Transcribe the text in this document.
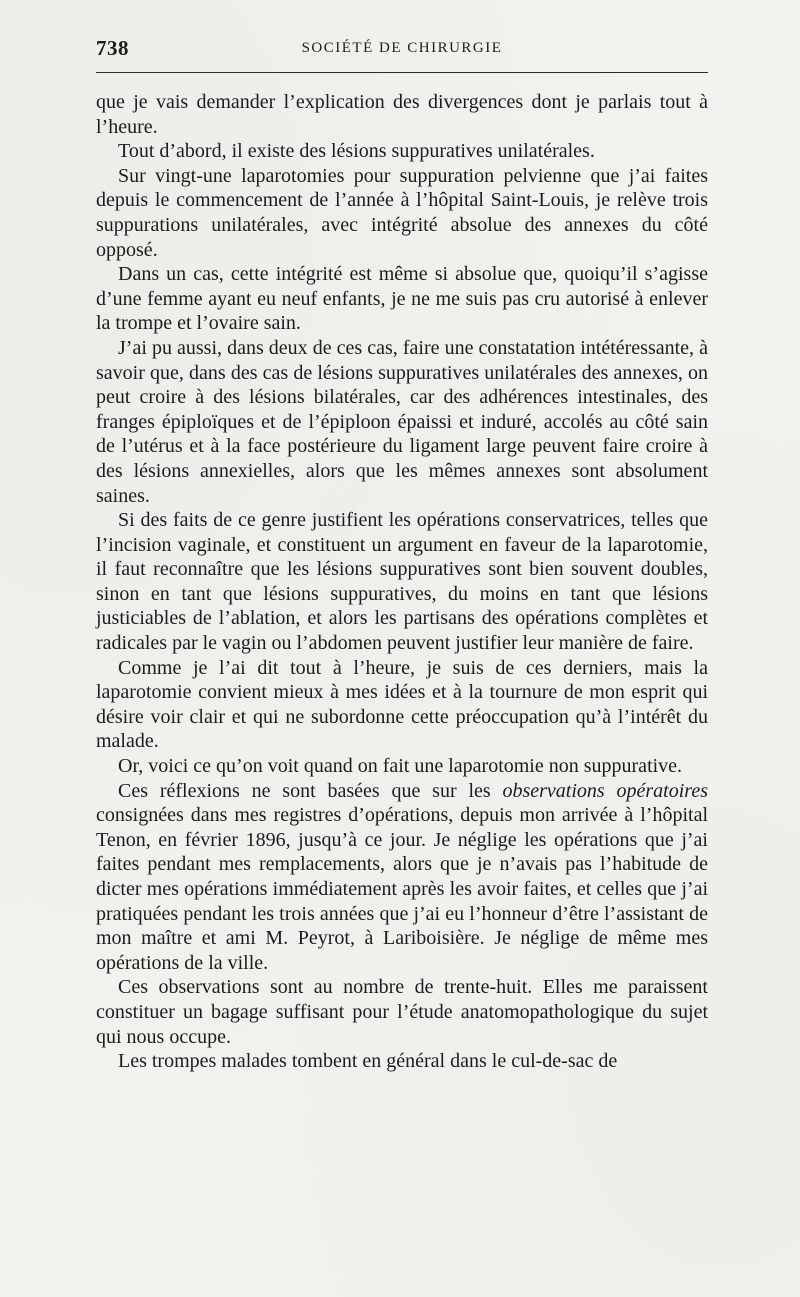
738	SOCIÉTÉ DE CHIRURGIE

que je vais demander l’explication des divergences dont je parlais tout à l’heure.

Tout d’abord, il existe des lésions suppuratives unilatérales.

Sur vingt-une laparotomies pour suppuration pelvienne que j’ai faites depuis le commencement de l’année à l’hôpital Saint-Louis, je relève trois suppurations unilatérales, avec intégrité absolue des annexes du côté opposé.

Dans un cas, cette intégrité est même si absolue que, quoiqu’il s’agisse d’une femme ayant eu neuf enfants, je ne me suis pas cru autorisé à enlever la trompe et l’ovaire sain.

J’ai pu aussi, dans deux de ces cas, faire une constatation intétéressante, à savoir que, dans des cas de lésions suppuratives unilatérales des annexes, on peut croire à des lésions bilatérales, car des adhérences intestinales, des franges épiploïques et de l’épiploon épaissi et induré, accolés au côté sain de l’utérus et à la face postérieure du ligament large peuvent faire croire à des lésions annexielles, alors que les mêmes annexes sont absolument saines.

Si des faits de ce genre justifient les opérations conservatrices, telles que l’incision vaginale, et constituent un argument en faveur de la laparotomie, il faut reconnaître que les lésions suppuratives sont bien souvent doubles, sinon en tant que lésions suppuratives, du moins en tant que lésions justiciables de l’ablation, et alors les partisans des opérations complètes et radicales par le vagin ou l’abdomen peuvent justifier leur manière de faire.

Comme je l’ai dit tout à l’heure, je suis de ces derniers, mais la laparotomie convient mieux à mes idées et à la tournure de mon esprit qui désire voir clair et qui ne subordonne cette préoccupation qu’à l’intérêt du malade.

Or, voici ce qu’on voit quand on fait une laparotomie non suppurative.

Ces réflexions ne sont basées que sur les observations opératoires consignées dans mes registres d’opérations, depuis mon arrivée à l’hôpital Tenon, en février 1896, jusqu’à ce jour. Je néglige les opérations que j’ai faites pendant mes remplacements, alors que je n’avais pas l’habitude de dicter mes opérations immédiatement après les avoir faites, et celles que j’ai pratiquées pendant les trois années que j’ai eu l’honneur d’être l’assistant de mon maître et ami M. Peyrot, à Lariboisière. Je néglige de même mes opérations de la ville.

Ces observations sont au nombre de trente-huit. Elles me paraissent constituer un bagage suffisant pour l’étude anatomopathologique du sujet qui nous occupe.

Les trompes malades tombent en général dans le cul-de-sac de
